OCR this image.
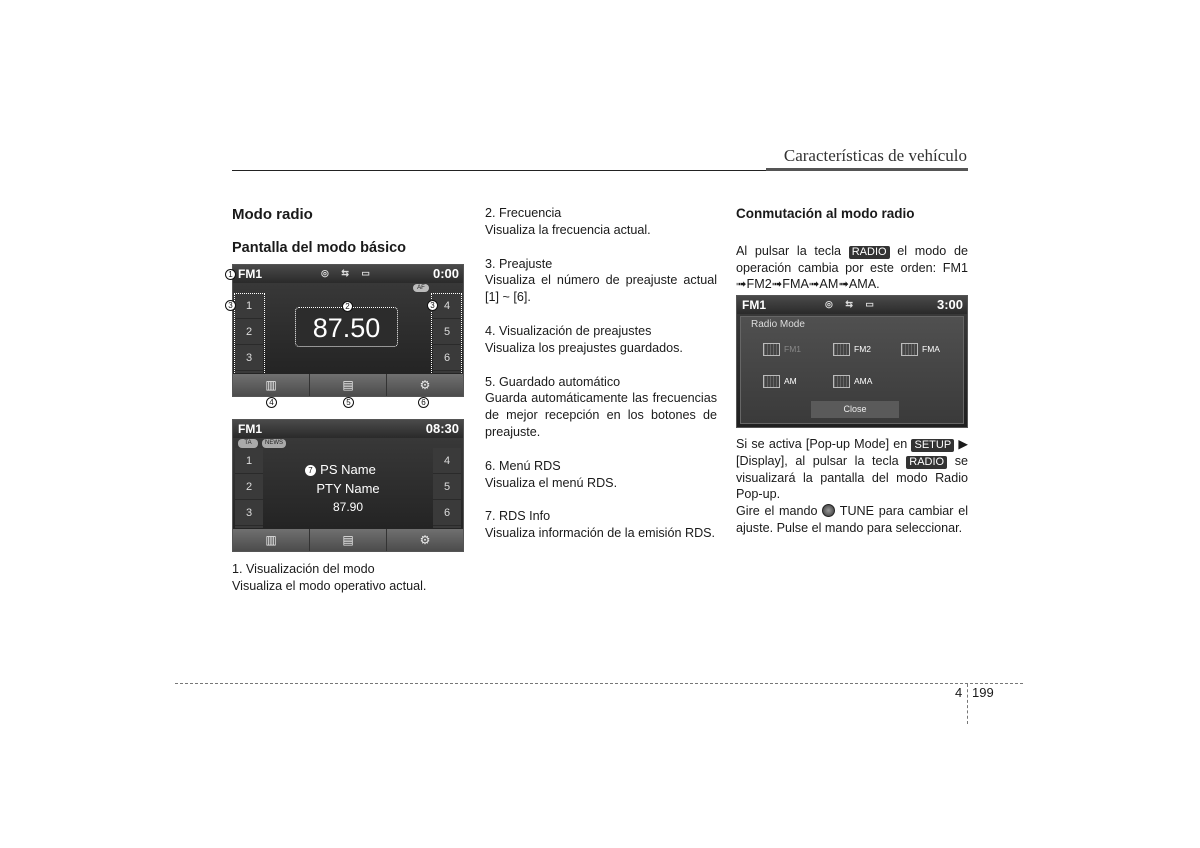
Características de vehículo
Modo radio
Pantalla del modo básico
FM1	◎ ⇆ ▭	0:00
AF
1
2
3
4
5
6
87.50
▥	▤	⚙
1
2
3	3
4	5	6
FM1	08:30
TA	NEWS
1
2
3
4
5
6
7 PS Name
PTY Name
87.90
▥	▤	⚙
1. Visualización del modo
Visualiza el modo operativo actual.
2. Frecuencia
Visualiza la frecuencia actual.
3. Preajuste
Visualiza el número de preajuste actual [1] ~ [6].
4. Visualización de preajustes
Visualiza los preajustes guardados.
5. Guardado automático
Guarda automáticamente las frecuencias de mejor recepción en los botones de preajuste.
6. Menú RDS
Visualiza el menú RDS.
7. RDS Info
Visualiza información de la emisión RDS.
Conmutación al modo radio
Al pulsar la tecla RADIO el modo de operación cambia por este orden: FM1 ➟FM2➟FMA➟AM➟AMA.
FM1	◎ ⇆ ▭	3:00
Radio Mode
FM1	FM2	FMA
AM	AMA
Close
Si se activa [Pop-up Mode] en SETUP ▶ [Display], al pulsar la tecla RADIO se visualizará la pantalla del modo Radio Pop-up.
Gire el mando TUNE para cambiar el ajuste. Pulse el mando para seleccionar.
4 199
